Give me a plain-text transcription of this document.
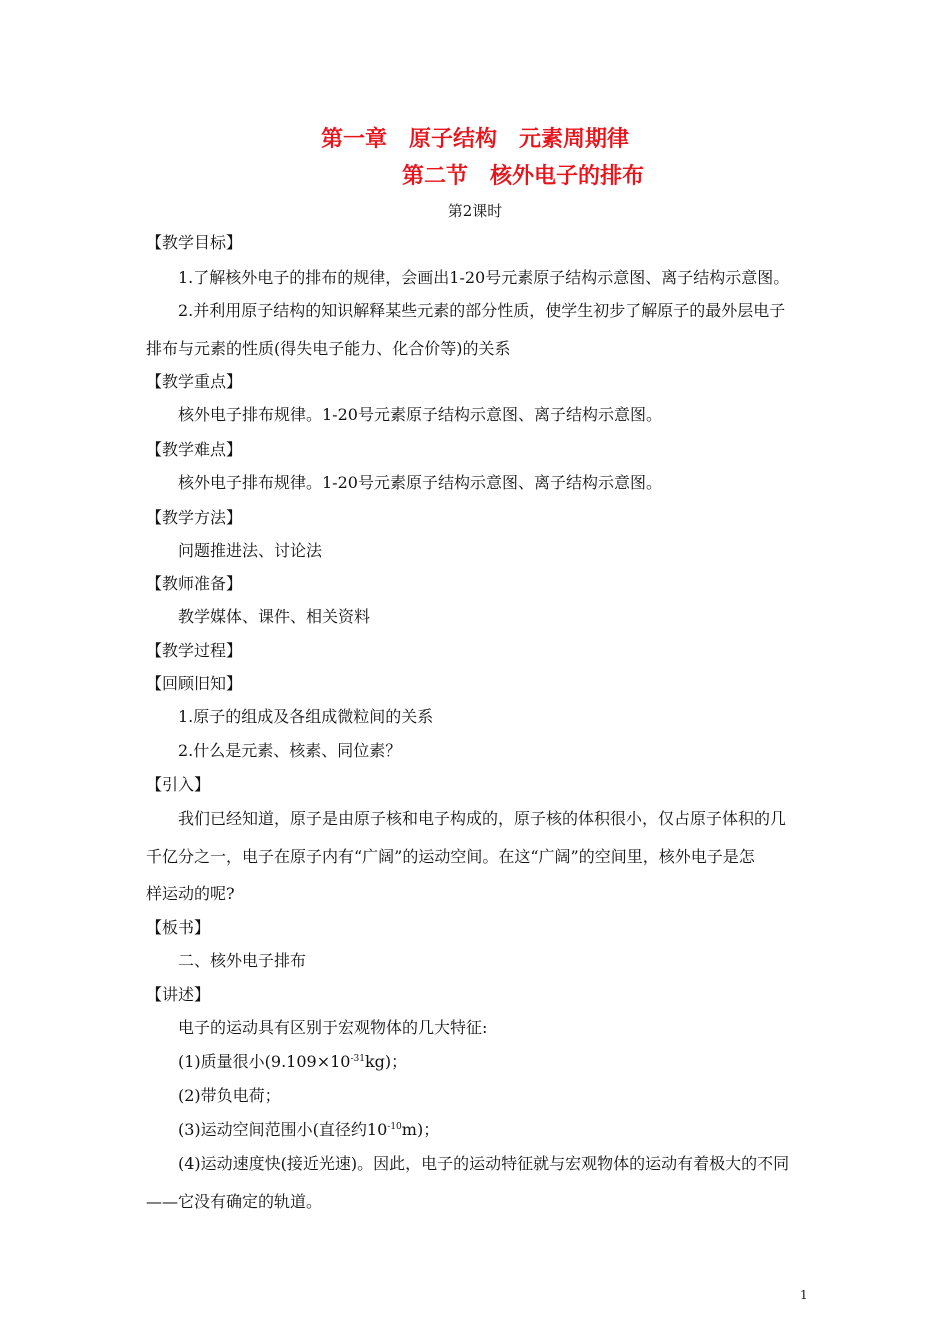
第一章　原子结构　元素周期律
第二节　核外电子的排布
第2课时
【教学目标】
1.了解核外电子的排布的规律，会画出1-20号元素原子结构示意图、离子结构示意图。
2.并利用原子结构的知识解释某些元素的部分性质，使学生初步了解原子的最外层电子
排布与元素的性质(得失电子能力、化合价等)的关系
【教学重点】
核外电子排布规律。1-20号元素原子结构示意图、离子结构示意图。
【教学难点】
核外电子排布规律。1-20号元素原子结构示意图、离子结构示意图。
【教学方法】
问题推进法、讨论法
【教师准备】
教学媒体、课件、相关资料
【教学过程】
【回顾旧知】
1.原子的组成及各组成微粒间的关系
2.什么是元素、核素、同位素？
【引入】
我们已经知道，原子是由原子核和电子构成的，原子核的体积很小，仅占原子体积的几
千亿分之一，电子在原子内有“广阔”的运动空间。在这“广阔”的空间里，核外电子是怎
样运动的呢?
【板书】
二、核外电子排布
【讲述】
电子的运动具有区别于宏观物体的几大特征:
(1)质量很小$(9.109\times 10^{-31}kg)$；
(2)带负电荷；
(3)运动空间范围小(直径约$10^{-10}m$)；
(4)运动速度快(接近光速)。因此，电子的运动特征就与宏观物体的运动有着极大的不同
——它没有确定的轨道。
1
